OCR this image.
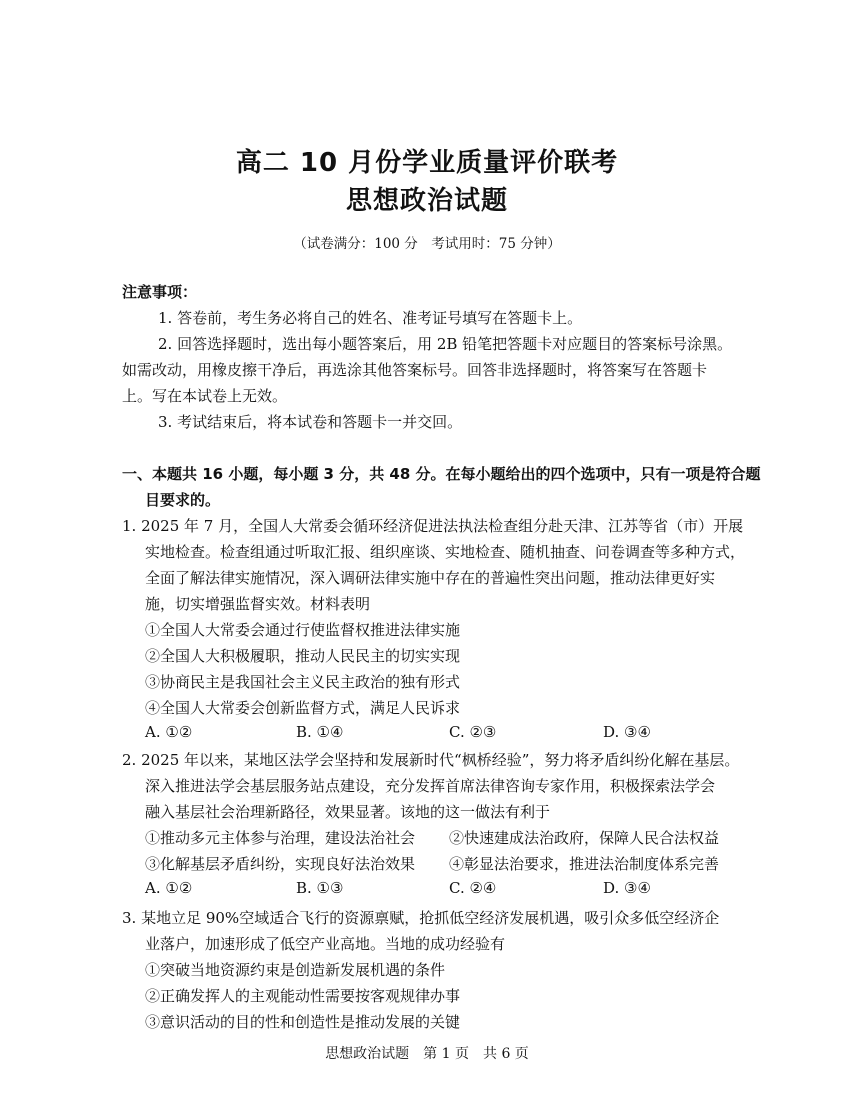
高二 10 月份学业质量评价联考
思想政治试题
（试卷满分：100 分　考试用时：75 分钟）
注意事项：
1. 答卷前，考生务必将自己的姓名、准考证号填写在答题卡上。
2. 回答选择题时，选出每小题答案后，用 2B 铅笔把答题卡对应题目的答案标号涂黑。
如需改动，用橡皮擦干净后，再选涂其他答案标号。回答非选择题时，将答案写在答题卡
上。写在本试卷上无效。
3. 考试结束后，将本试卷和答题卡一并交回。
一、本题共 16 小题，每小题 3 分，共 48 分。在每小题给出的四个选项中，只有一项是符合题
目要求的。
1. 2025 年 7 月，全国人大常委会循环经济促进法执法检查组分赴天津、江苏等省（市）开展
实地检查。检查组通过听取汇报、组织座谈、实地检查、随机抽查、问卷调查等多种方式，
全面了解法律实施情况，深入调研法律实施中存在的普遍性突出问题，推动法律更好实
施，切实增强监督实效。材料表明
①全国人大常委会通过行使监督权推进法律实施
②全国人大积极履职，推动人民民主的切实实现
③协商民主是我国社会主义民主政治的独有形式
④全国人大常委会创新监督方式，满足人民诉求
A. ①②	B. ①④	C. ②③	D. ③④
2. 2025 年以来，某地区法学会坚持和发展新时代“枫桥经验”，努力将矛盾纠纷化解在基层。
深入推进法学会基层服务站点建设，充分发挥首席法律咨询专家作用，积极探索法学会
融入基层社会治理新路径，效果显著。该地的这一做法有利于
①推动多元主体参与治理，建设法治社会 ②快速建成法治政府，保障人民合法权益
③化解基层矛盾纠纷，实现良好法治效果 ④彰显法治要求，推进法治制度体系完善
A. ①②	B. ①③	C. ②④	D. ③④
3. 某地立足 90%空域适合飞行的资源禀赋，抢抓低空经济发展机遇，吸引众多低空经济企
业落户，加速形成了低空产业高地。当地的成功经验有
①突破当地资源约束是创造新发展机遇的条件
②正确发挥人的主观能动性需要按客观规律办事
③意识活动的目的性和创造性是推动发展的关键
思想政治试题　第 1 页　共 6 页
